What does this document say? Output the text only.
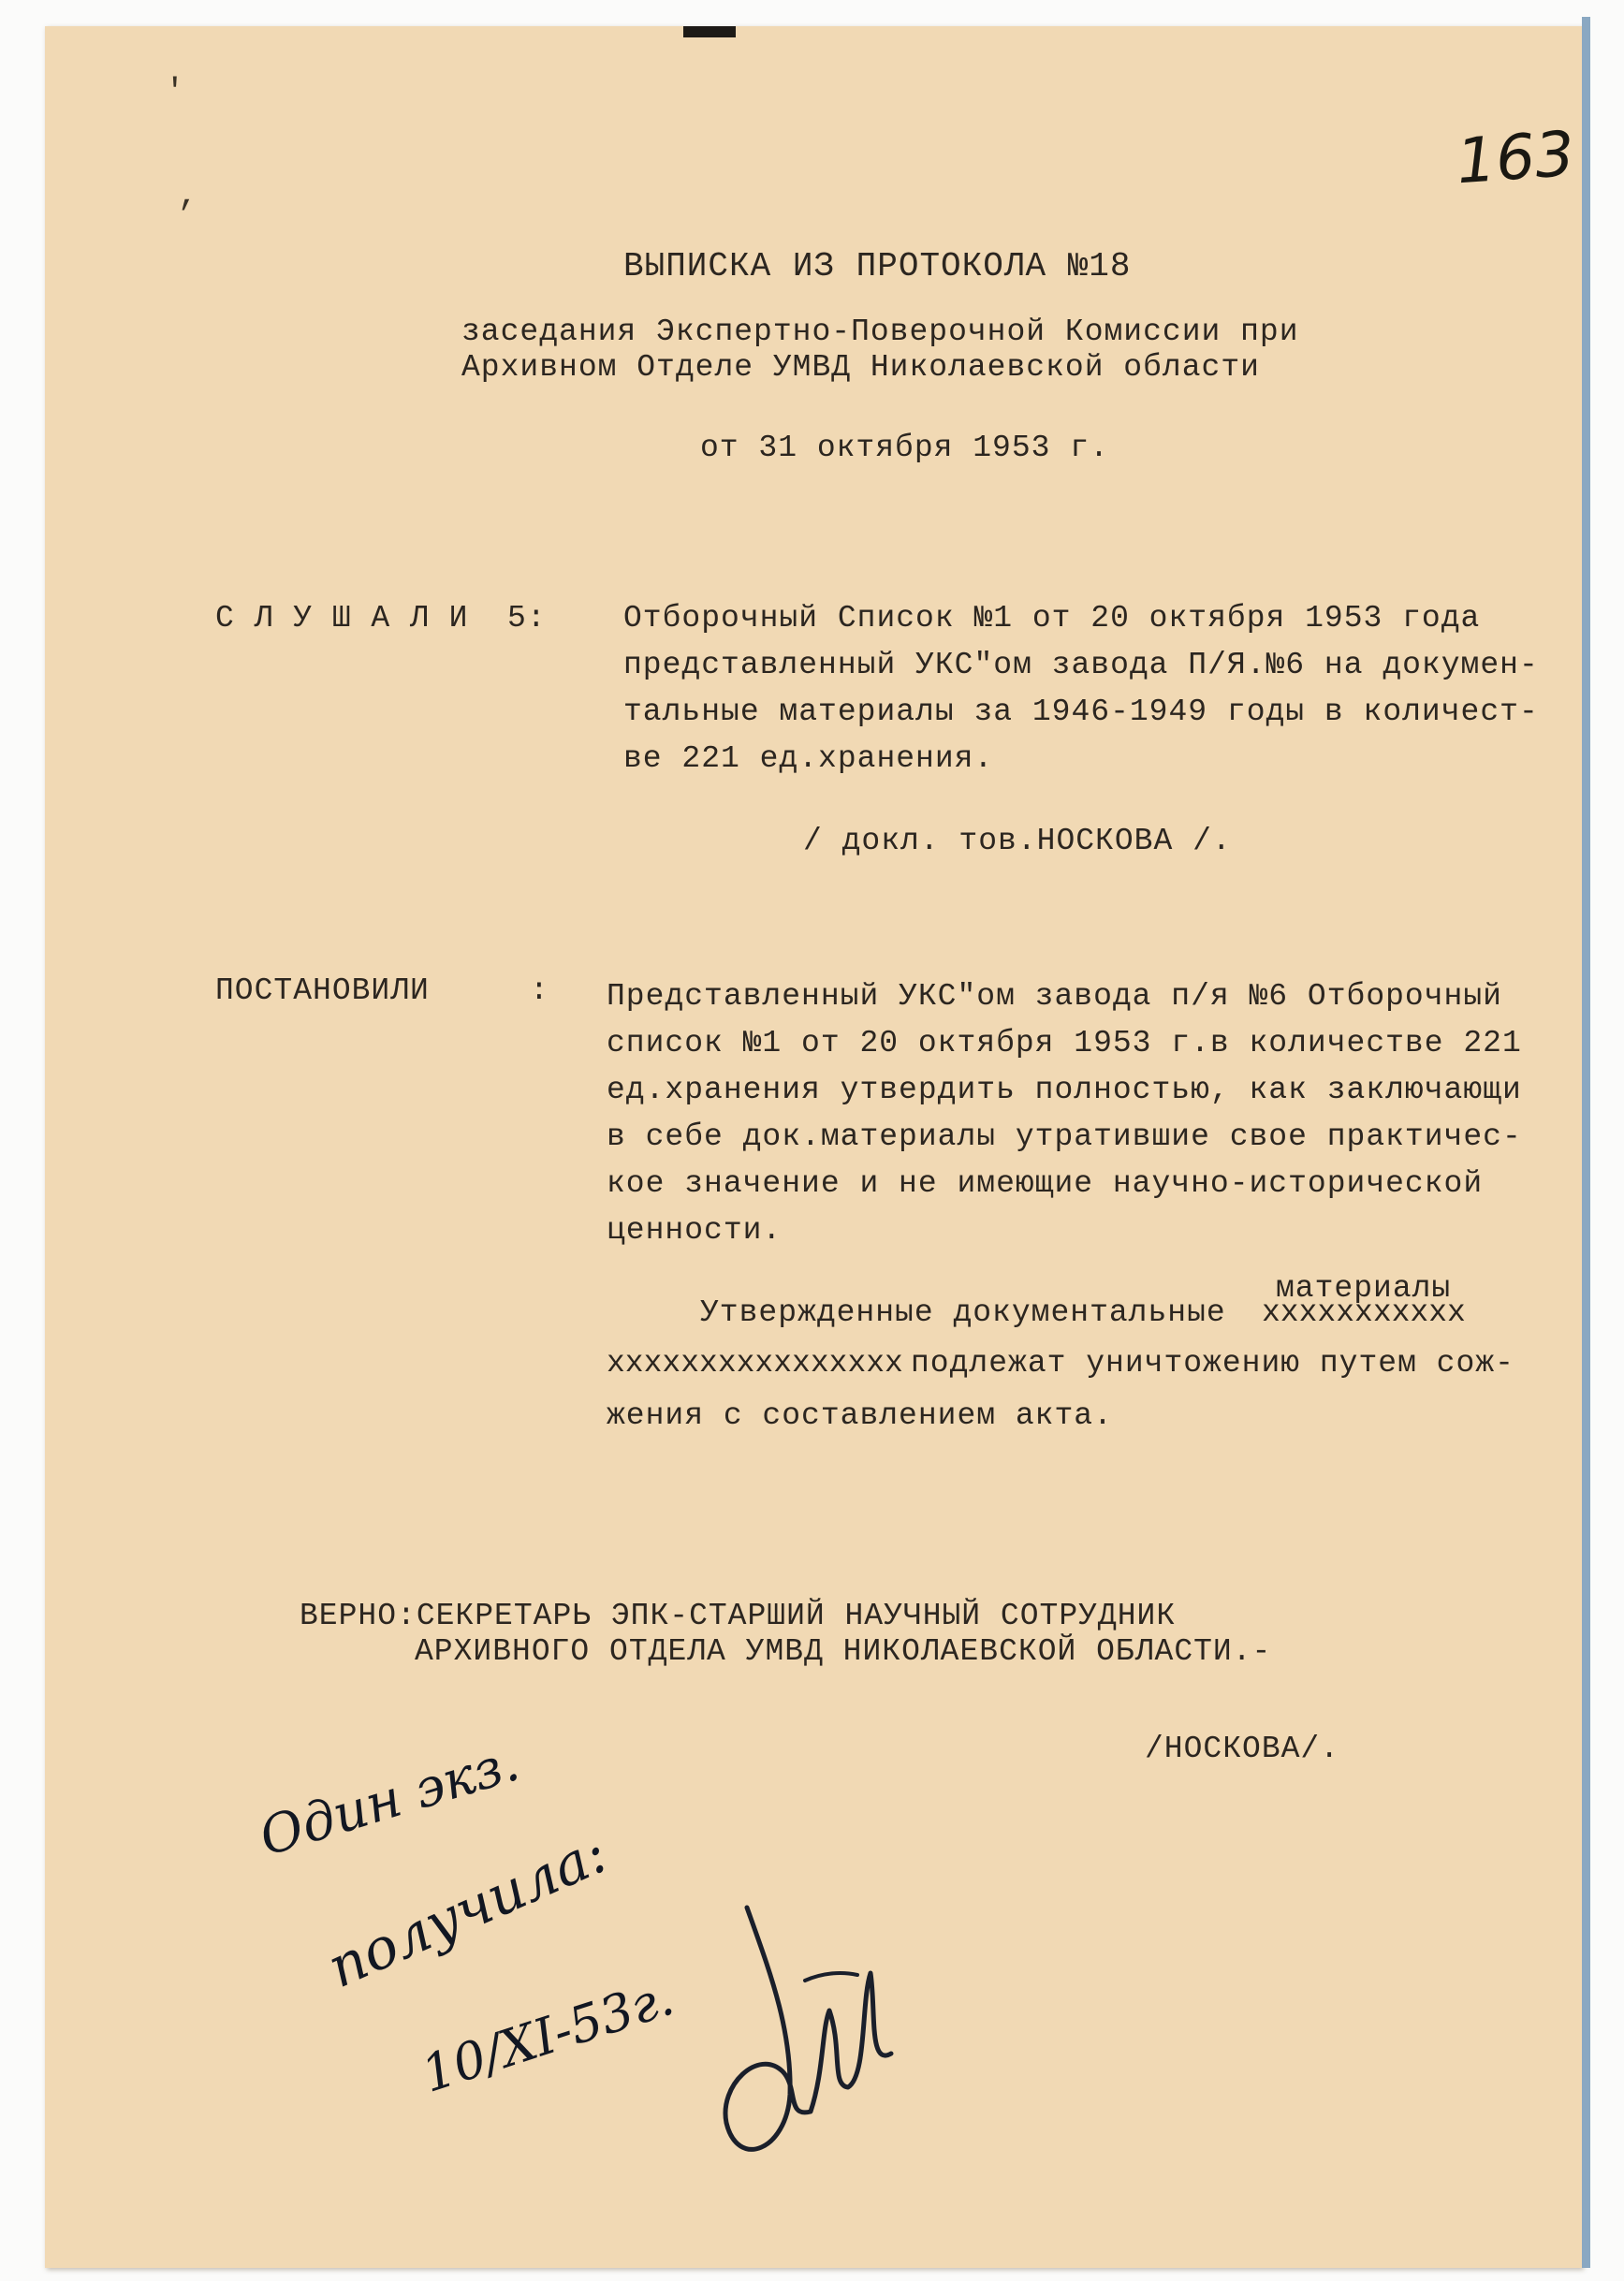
163
'
,
ВЫПИСКА ИЗ ПРОТОКОЛА №18
заседания Экспертно-Поверочной Комиссии при
Архивном Отделе УМВД Николаевской области
от 31 октября 1953 г.
С Л У Ш А Л И  5: Отборочный Список №1 от 20 октября 1953 года
представленный УКС"ом завода П/Я.№6 на докумен-
тальные материалы за 1946-1949 годы в количест-
ве 221 ед.хранения.
/ докл. тов.НОСКОВА /.
ПОСТАНОВИЛИ	: Представленный УКС"ом завода п/я №6 Отборочный
список №1 от 20 октября 1953 г.в количестве 221
ед.хранения утвердить полностью, как заключающи
в себе док.материалы утратившие свое практичес-
кое значение и не имеющие научно-исторической
ценности.
материалы
Утвержденные документальные xxxxxxxxxxx
xxxxxxxxxxxxxxxx подлежат уничтожению путем сож-
жения с составлением акта.
ВЕРНО:СЕКРЕТАРЬ ЭПК-СТАРШИЙ НАУЧНЫЙ СОТРУДНИК
АРХИВНОГО ОТДЕЛА УМВД НИКОЛАЕВСКОЙ ОБЛАСТИ.-
/НОСКОВА/.
Один экз.
получила:
10/XI-53г.
